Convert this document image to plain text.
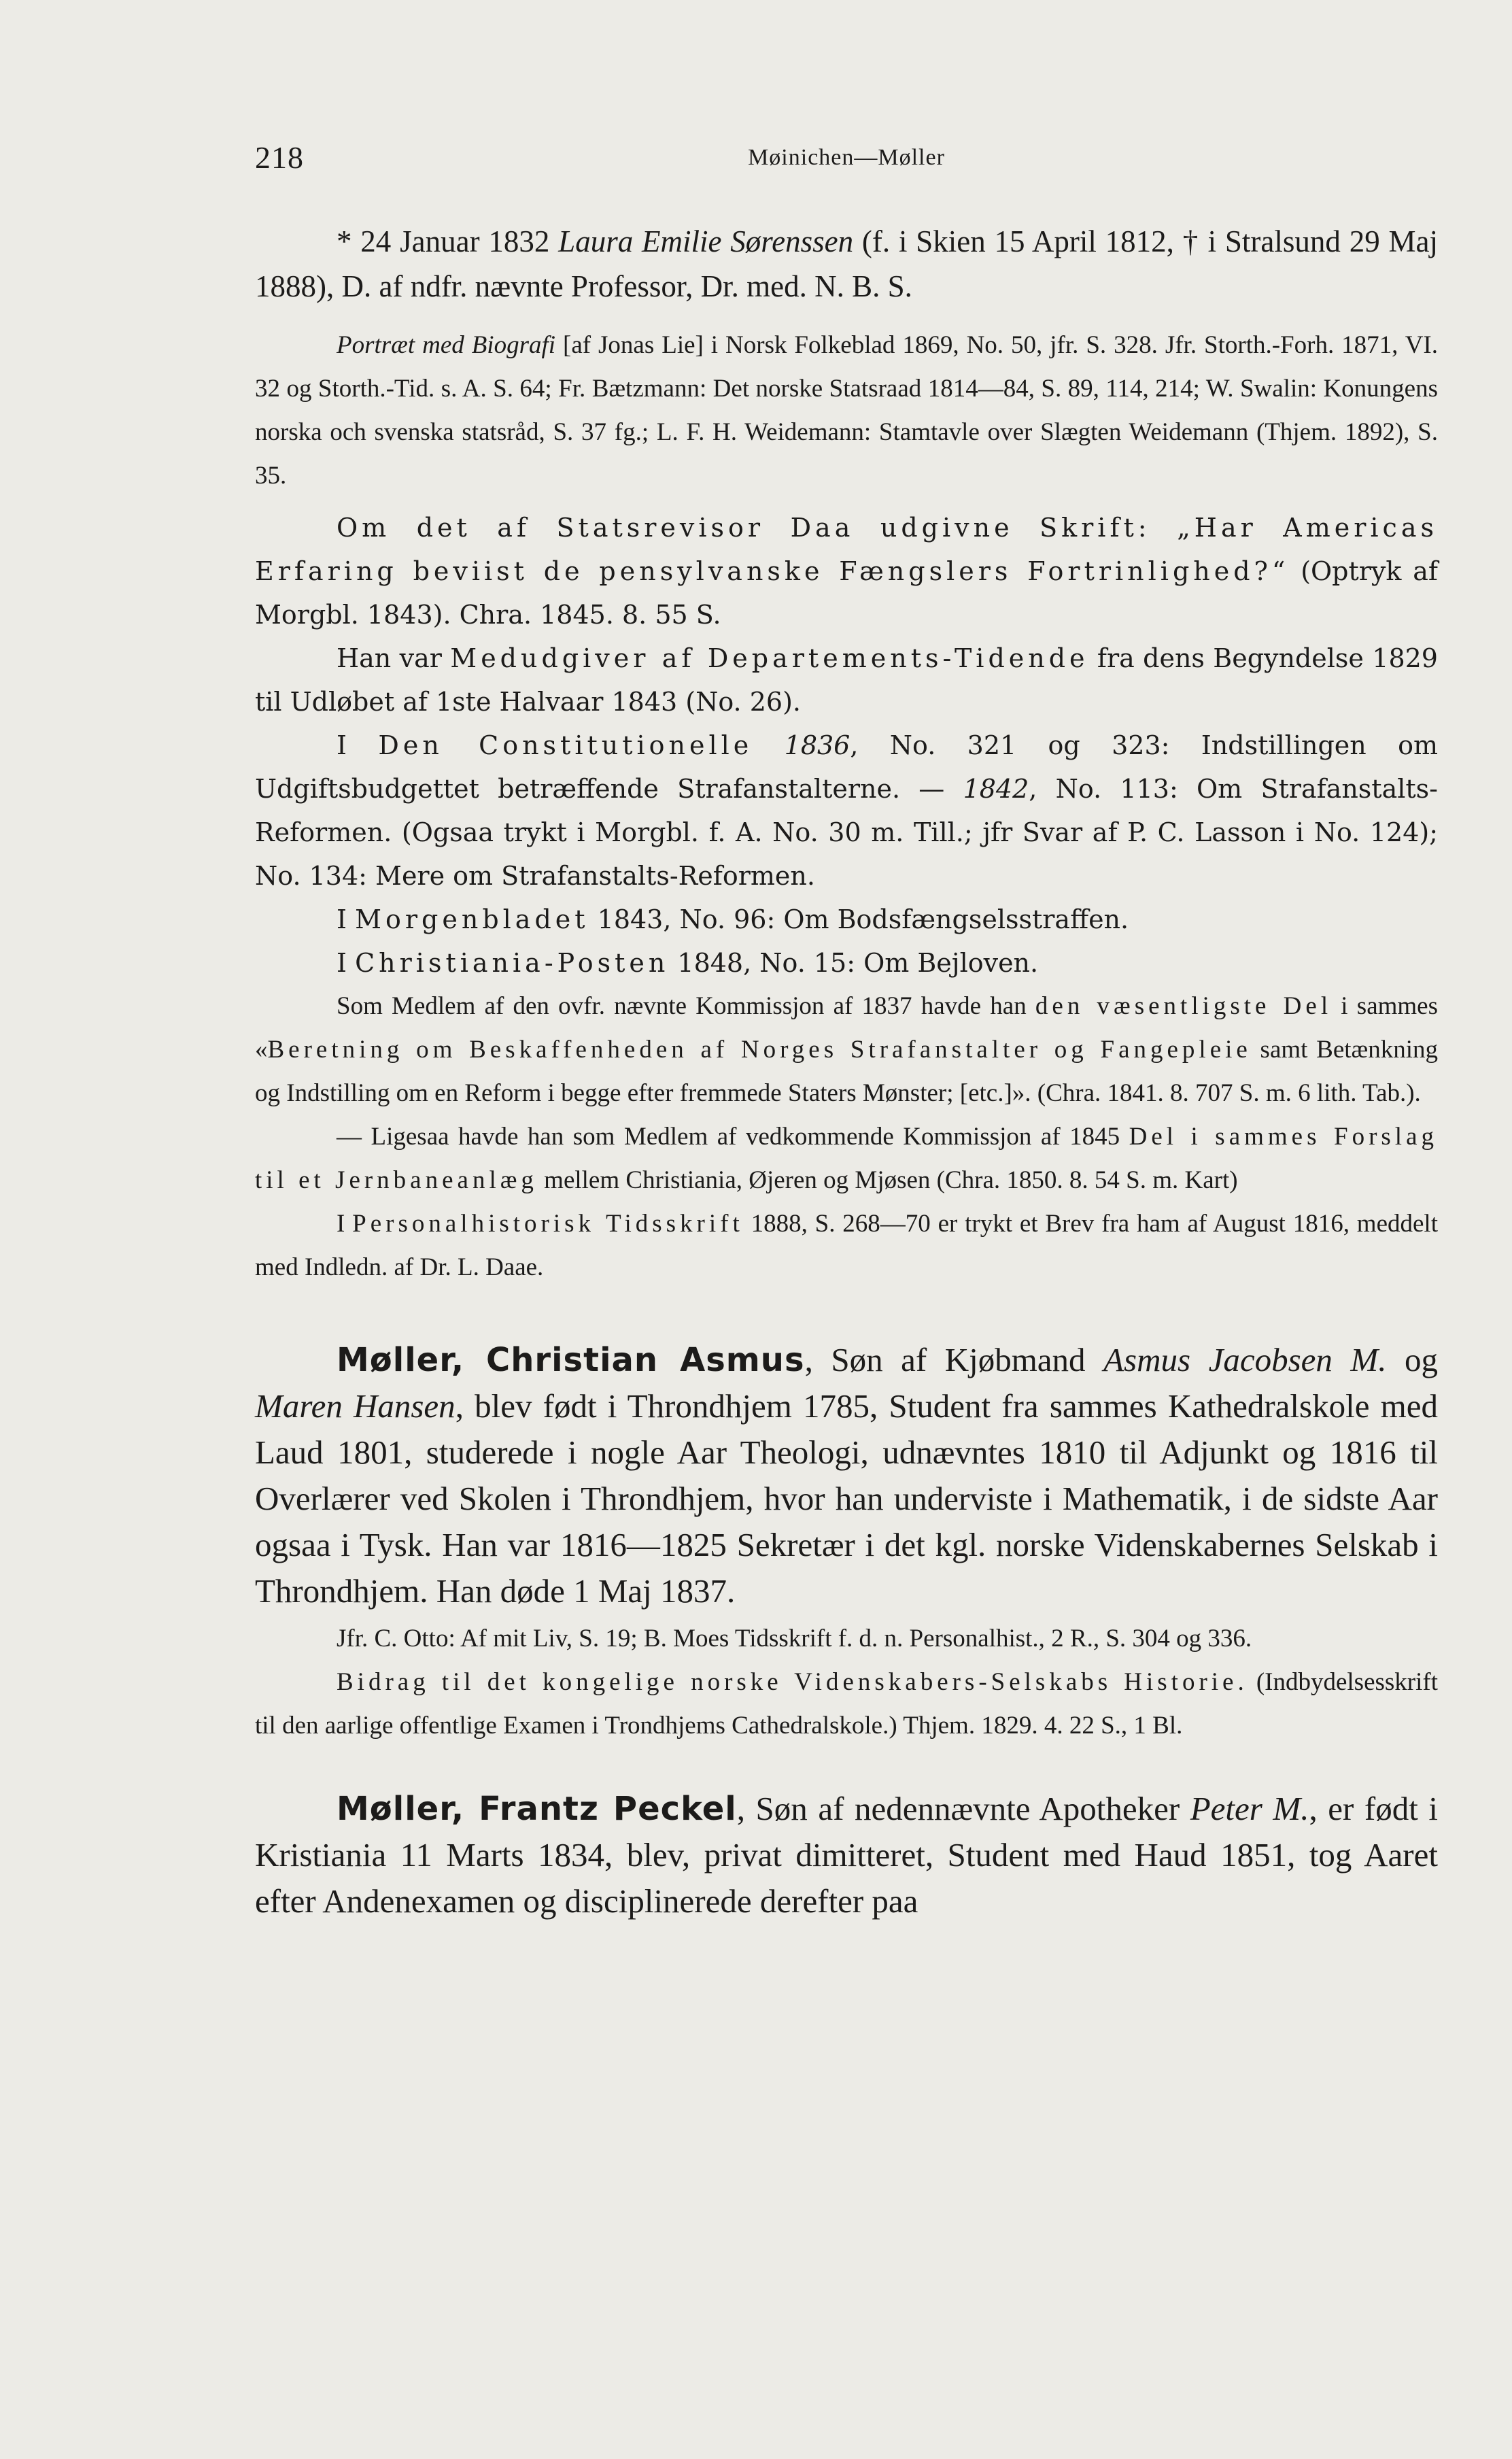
218	Møinichen—Møller

* 24 Januar 1832 Laura Emilie Sørenssen (f. i Skien 15 April 1812, † i Stralsund 29 Maj 1888), D. af ndfr. nævnte Professor, Dr. med. N. B. S.

Portræt med Biografi [af Jonas Lie] i Norsk Folkeblad 1869, No. 50, jfr. S. 328. Jfr. Storth.-Forh. 1871, VI. 32 og Storth.-Tid. s. A. S. 64; Fr. Bætzmann: Det norske Statsraad 1814—84, S. 89, 114, 214; W. Swalin: Konungens norska och svenska statsråd, S. 37 fg.; L. F. H. Weidemann: Stamtavle over Slægten Weidemann (Thjem. 1892), S. 35.

Om det af Statsrevisor Daa udgivne Skrift: „Har Americas Erfaring beviist de pensylvanske Fængslers Fortrinlighed?“ (Optryk af Morgbl. 1843). Chra. 1845. 8. 55 S.

Han var Medudgiver af Departements-Tidende fra dens Begyndelse 1829 til Udløbet af 1ste Halvaar 1843 (No. 26).

I Den Constitutionelle 1836, No. 321 og 323: Indstillingen om Udgiftsbudgettet betræffende Strafanstalterne. — 1842, No. 113: Om Strafanstalts-Reformen. (Ogsaa trykt i Morgbl. f. A. No. 30 m. Till.; jfr Svar af P. C. Lasson i No. 124); No. 134: Mere om Strafanstalts-Reformen.

I Morgenbladet 1843, No. 96: Om Bodsfængselsstraffen.

I Christiania-Posten 1848, No. 15: Om Bejloven.

Som Medlem af den ovfr. nævnte Kommissjon af 1837 havde han den væsentligste Del i sammes «Beretning om Beskaffenheden af Norges Strafanstalter og Fangepleie samt Betænkning og Indstilling om en Reform i begge efter fremmede Staters Mønster; [etc.]». (Chra. 1841. 8. 707 S. m. 6 lith. Tab.).

— Ligesaa havde han som Medlem af vedkommende Kommissjon af 1845 Del i sammes Forslag til et Jernbaneanlæg mellem Christiania, Øjeren og Mjøsen (Chra. 1850. 8. 54 S. m. Kart)

I Personalhistorisk Tidsskrift 1888, S. 268—70 er trykt et Brev fra ham af August 1816, meddelt med Indledn. af Dr. L. Daae.

Møller, Christian Asmus, Søn af Kjøbmand Asmus Jacobsen M. og Maren Hansen, blev født i Throndhjem 1785, Student fra sammes Kathedralskole med Laud 1801, studerede i nogle Aar Theologi, udnævntes 1810 til Adjunkt og 1816 til Overlærer ved Skolen i Throndhjem, hvor han underviste i Mathematik, i de sidste Aar ogsaa i Tysk. Han var 1816—1825 Sekretær i det kgl. norske Videnskabernes Selskab i Throndhjem. Han døde 1 Maj 1837.

Jfr. C. Otto: Af mit Liv, S. 19; B. Moes Tidsskrift f. d. n. Personalhist., 2 R., S. 304 og 336.

Bidrag til det kongelige norske Videnskabers-Selskabs Historie. (Indbydelsesskrift til den aarlige offentlige Examen i Trondhjems Cathedralskole.) Thjem. 1829. 4. 22 S., 1 Bl.

Møller, Frantz Peckel, Søn af nedennævnte Apotheker Peter M., er født i Kristiania 11 Marts 1834, blev, privat dimitteret, Student med Haud 1851, tog Aaret efter Andenexamen og disciplinerede derefter paa
